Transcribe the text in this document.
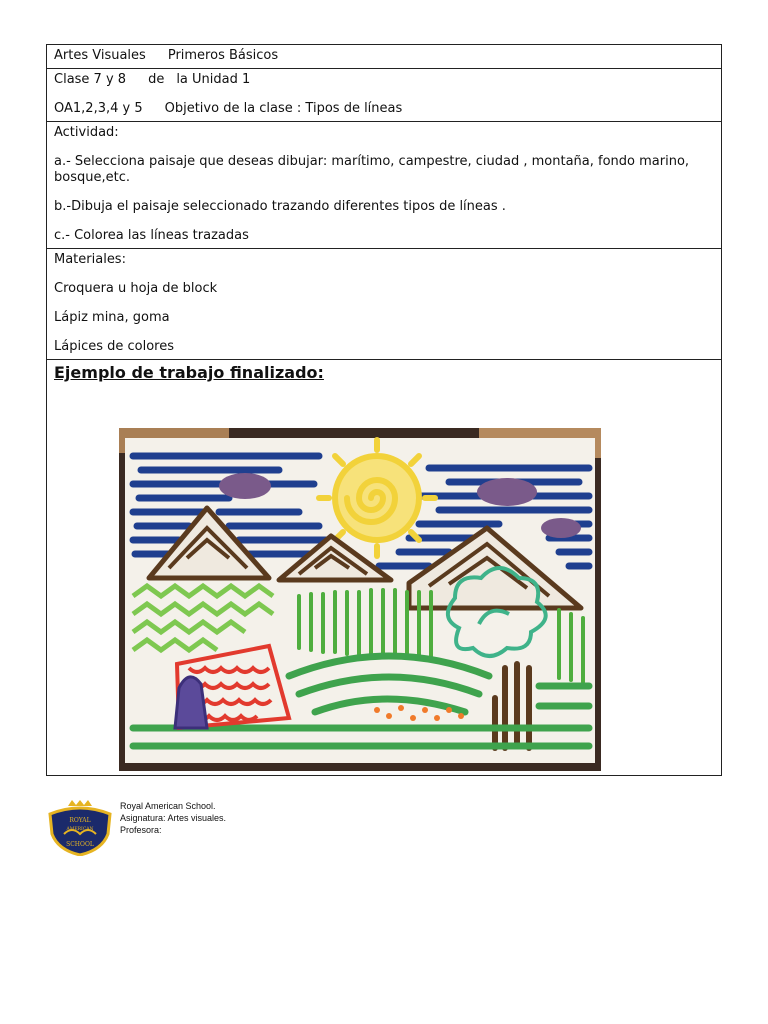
Artes Visuales Primeros Básicos

Clase 7 y 8 de la Unidad 1

OA1,2,3,4 y 5 Objetivo de la clase : Tipos de líneas

Actividad:

a.- Selecciona paisaje que deseas dibujar: marítimo, campestre, ciudad , montaña, fondo marino, bosque,etc.

b.-Dibuja el paisaje seleccionado trazando diferentes tipos de líneas .

c.- Colorea las líneas trazadas

Materiales:

Croquera u hoja de block

Lápiz mina, goma

Lápices de colores

Ejemplo de trabajo finalizado:

ROYAL
AMERICAN
SCHOOL
Royal American School.
Asignatura: Artes visuales.
Profesora:
